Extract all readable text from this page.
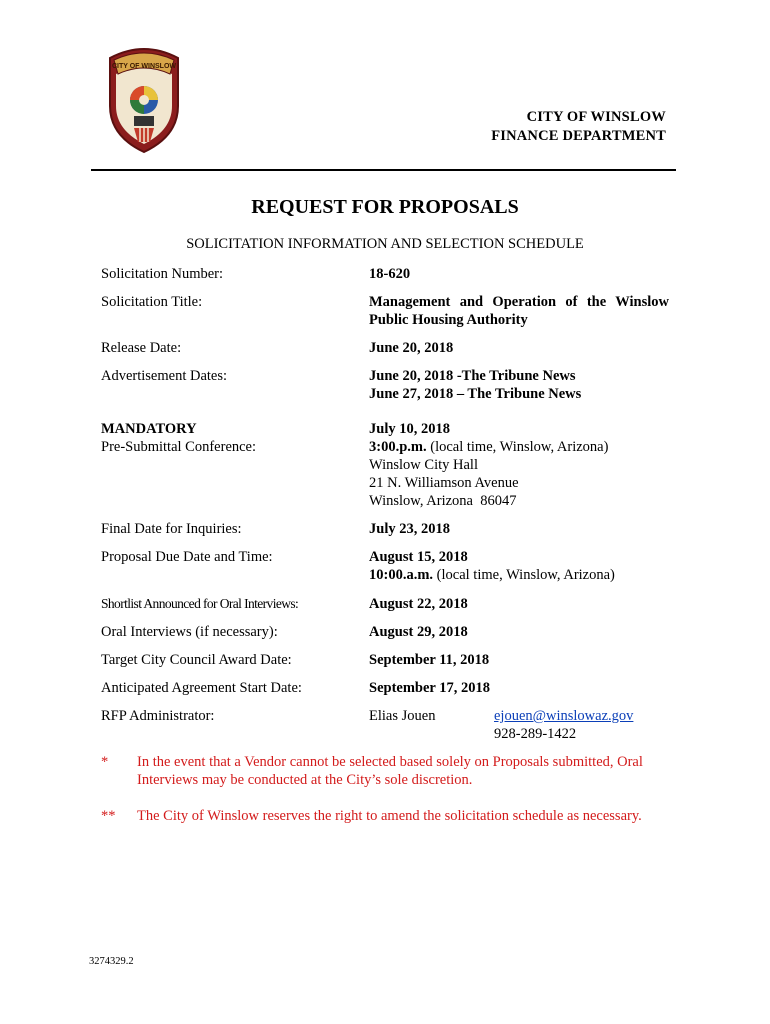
CITY OF WINSLOW
CITY OF WINSLOW
FINANCE DEPARTMENT
REQUEST FOR PROPOSALS
SOLICITATION INFORMATION AND SELECTION SCHEDULE
Solicitation Number:	18-620
Solicitation Title:	Management and Operation of the Winslow Public Housing Authority
Release Date:	June 20, 2018
Advertisement Dates:	June 20, 2018 -The Tribune News
June 27, 2018 – The Tribune News
MANDATORY
Pre-Submittal Conference:
July 10, 2018
3:00.p.m. (local time, Winslow, Arizona)
Winslow City Hall
21 N. Williamson Avenue
Winslow, Arizona  86047
Final Date for Inquiries:	July 23, 2018
Proposal Due Date and Time:	August 15, 2018
10:00.a.m. (local time, Winslow, Arizona)
Shortlist Announced for Oral Interviews:	August 22, 2018
Oral Interviews (if necessary):	August 29, 2018
Target City Council Award Date:	September 11, 2018
Anticipated Agreement Start Date:	September 17, 2018
RFP Administrator:	Elias Jouen	ejouen@winslowaz.gov
928-289-1422
* In the event that a Vendor cannot be selected based solely on Proposals submitted, Oral Interviews may be conducted at the City’s sole discretion.
** The City of Winslow reserves the right to amend the solicitation schedule as necessary.
3274329.2
